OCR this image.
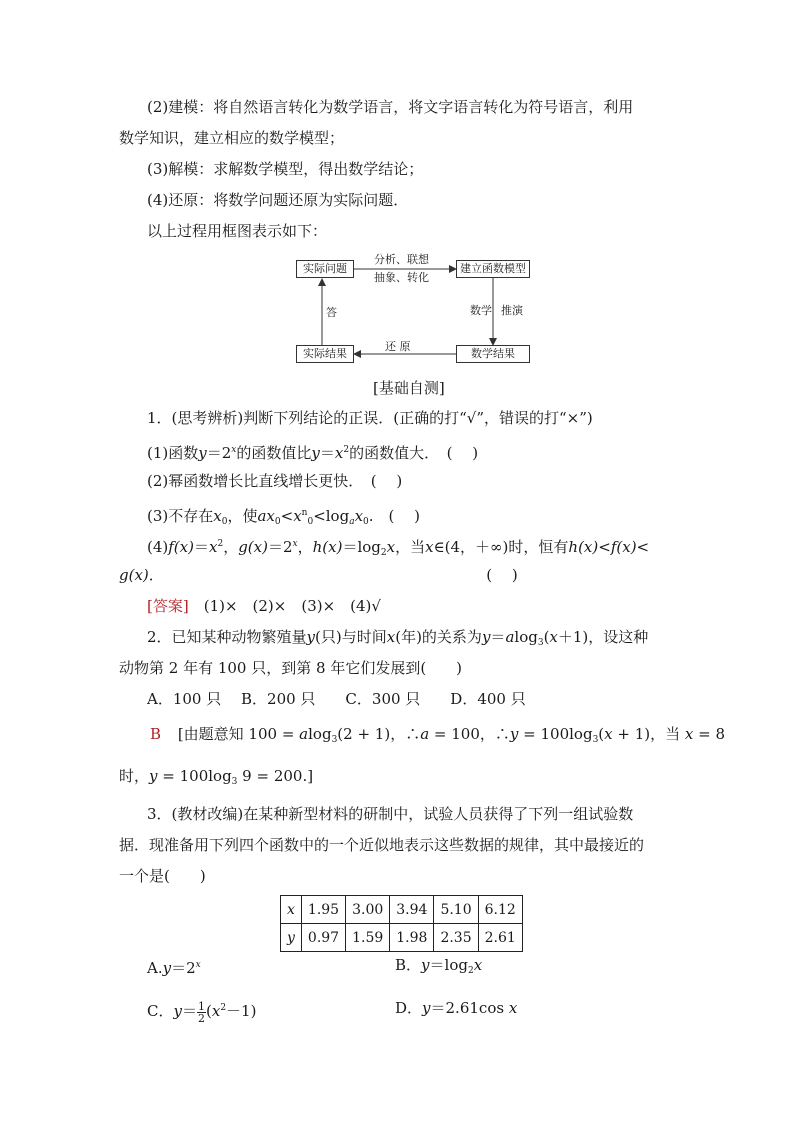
(2)建模：将自然语言转化为数学语言，将文字语言转化为符号语言，利用
数学知识，建立相应的数学模型；
(3)解模：求解数学模型，得出数学结论；
(4)还原：将数学问题还原为实际问题．
以上过程用框图表示如下：
实际问题	建立函数模型
数学结果
实际结果
分析、联想
抽象、转化
数学 推演
还 原
答
[基础自测]
1．(思考辨析)判断下列结论的正误．(正确的打“√”，错误的打“×”)
(1)函数$y=2^x$的函数值比$y=x^2$的函数值大．　( 　)
(2)幂函数增长比直线增长更快．　(　 )
(3)不存在$x_0$，使$ax_0<x^n_0<\log_ax_0$.　(　 )
$(4)f(x)=x^2$，$g(x)=2^x$，$h(x)=\log_2x$，当x∈(4，＋∞)时，恒有h(x)<f(x)<
g(x)．　　　　　　　　　　　　　　　　　　　　　　( 　)
[答案]　(1)×　(2)×　(3)×　(4)√
2．已知某种动物繁殖量y(只)与时间x(年)的关系为y＝alog$_3$(x＋1)，设这种
动物第 2 年有 100 只，到第 8 年它们发展到(　　)
A．100 只　 B．200 只　　C．300 只　　D．400 只
B [由题意知 100 = alog$_3$(2 + 1)，∴a = 100，∴y = $100\log_3(x + 1)$，当 x = 8
时，$y = 100\log_3$ 9 = 200.]
3．(教材改编)在某种新型材料的研制中，试验人员获得了下列一组试验数
据．现准备用下列四个函数中的一个近似地表示这些数据的规律，其中最接近的
一个是(　　)
x	1.95	3.00	3.94	5.10	6.12
y	0.97	1.59	1.98	2.35	2.61
$A.y=2^x$	B．$y=\log_2x$
C．$y= \frac{1}{2} (x^2-1)$	D．y＝2.61cos x
